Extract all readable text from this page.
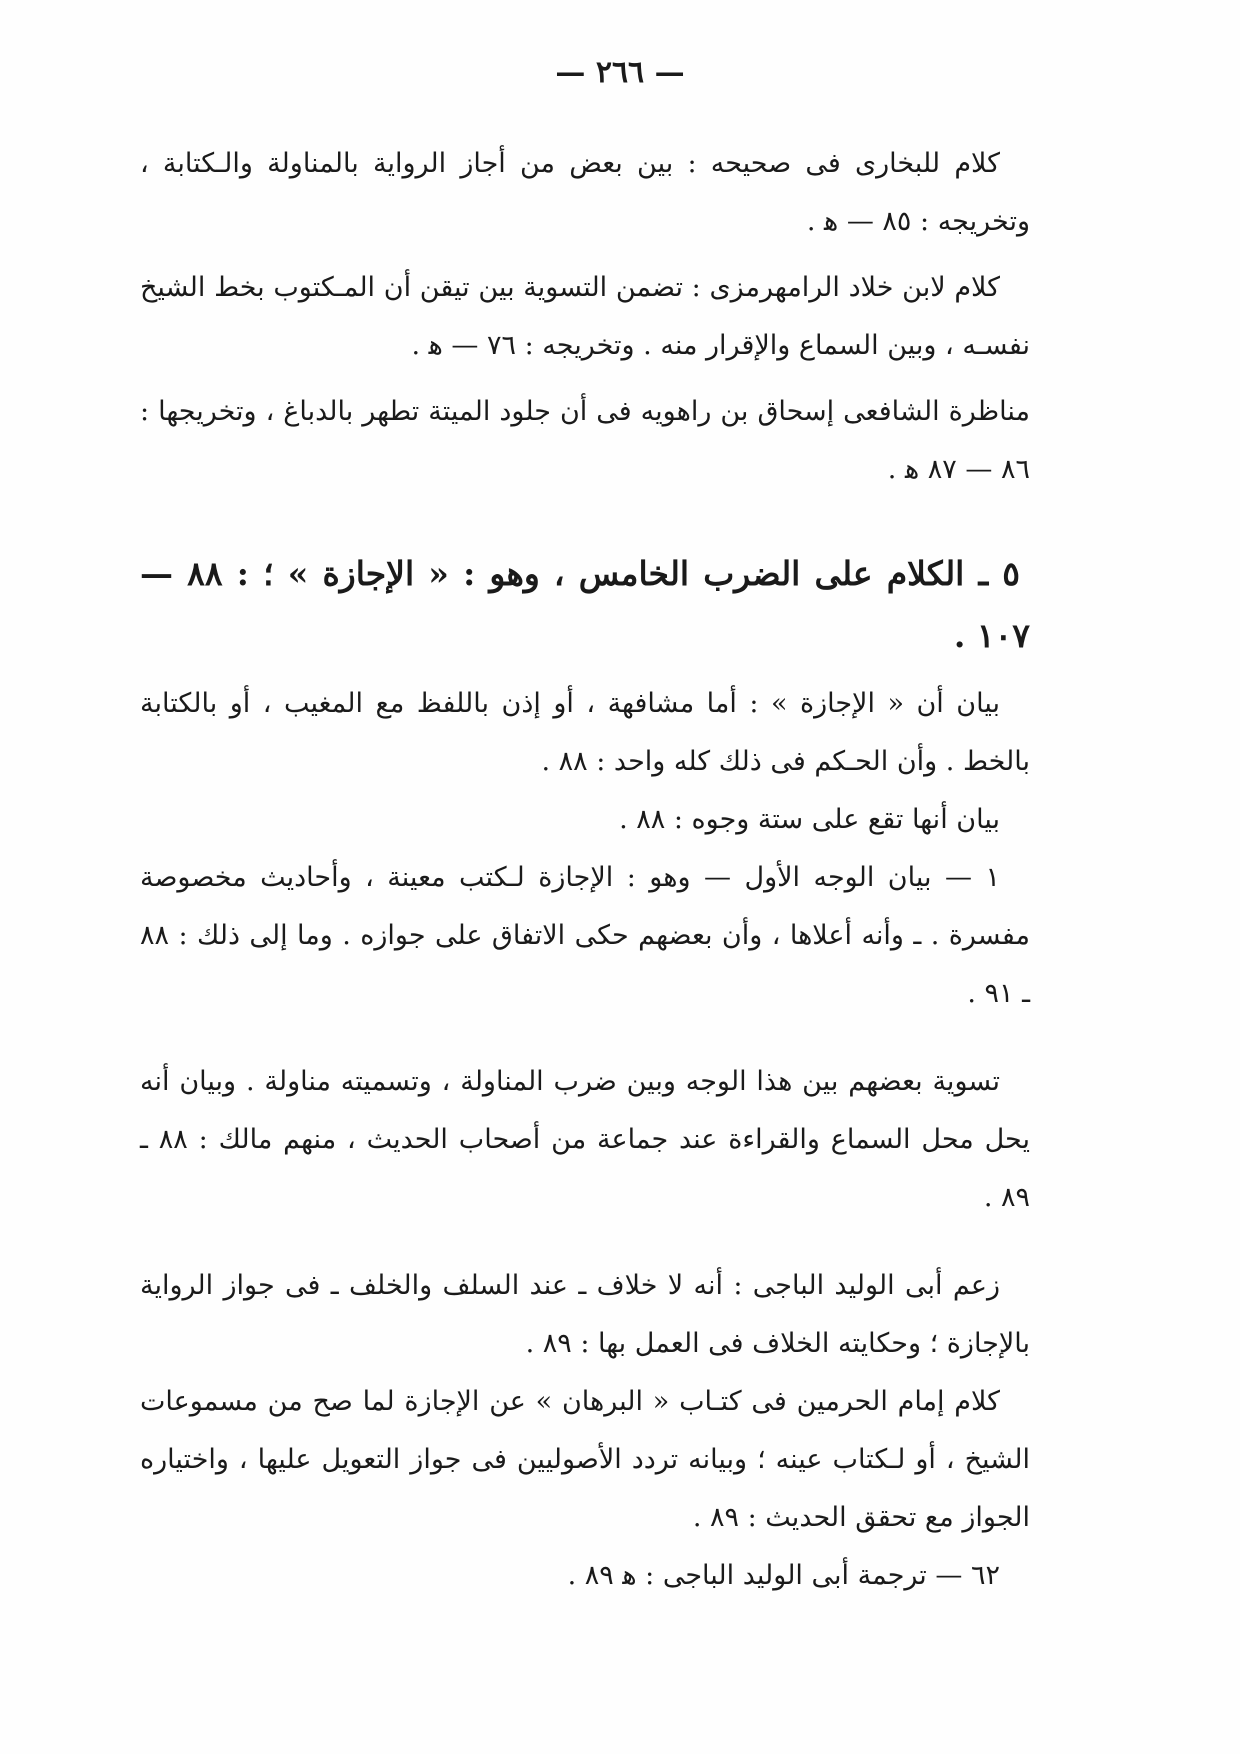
— ٢٦٦ —

كلام للبخارى فى صحيحه : بين بعض من أجاز الرواية بالمناولة والـكتابة ، وتخريجه : ٨٥ — ﻫ .

كلام لابن خلاد الرامهرمزى : تضمن التسوية بين تيقن أن المـكتوب بخط الشيخ نفسـه ، وبين السماع والإقرار منه . وتخريجه : ٧٦ — ﻫ .

مناظرة الشافعى إسحاق بن راهويه فى أن جلود الميتة تطهر بالدباغ ، وتخريجها : ٨٦ — ٨٧ ﻫ .

٥ ـ الكلام على الضرب الخامس ، وهو : « الإجازة » ؛ : ٨٨ — ١٠٧ .

بيان أن « الإجازة » : أما مشافهة ، أو إذن باللفظ مع المغيب ، أو بالكتابة بالخط . وأن الحـكم فى ذلك كله واحد : ٨٨ .

بيان أنها تقع على ستة وجوه : ٨٨ .

١ — بيان الوجه الأول — وهو : الإجازة لـكتب معينة ، وأحاديث مخصوصة مفسرة . ـ وأنه أعلاها ، وأن بعضهم حكى الاتفاق على جوازه . وما إلى ذلك : ٨٨ ـ ٩١ .

تسوية بعضهم بين هذا الوجه وبين ضرب المناولة ، وتسميته مناولة . وبيان أنه يحل محل السماع والقراءة عند جماعة من أصحاب الحديث ، منهم مالك : ٨٨ ـ ٨٩ .

زعم أبى الوليد الباجى : أنه لا خلاف ـ عند السلف والخلف ـ فى جواز الرواية بالإجازة ؛ وحكايته الخلاف فى العمل بها : ٨٩ .

كلام إمام الحرمين فى كتـاب « البرهان » عن الإجازة لما صح من مسموعات الشيخ ، أو لـكتاب عينه ؛ وبيانه تردد الأصوليين فى جواز التعويل عليها ، واختياره الجواز مع تحقق الحديث : ٨٩ .

٦٢ — ترجمة أبى الوليد الباجى : ﻫ ٨٩ .
